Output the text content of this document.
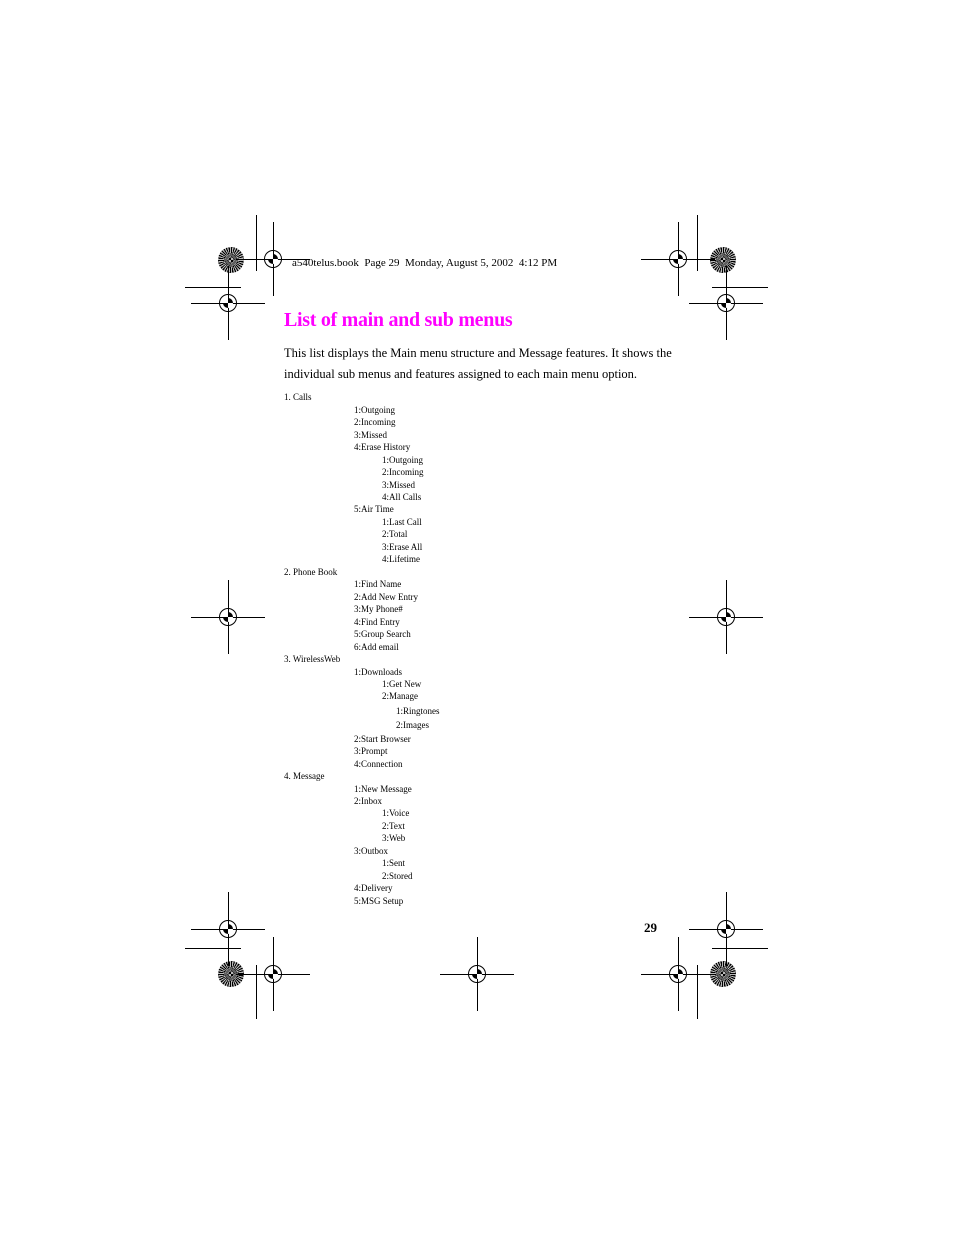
a540telus.book  Page 29  Monday, August 5, 2002  4:12 PM
List of main and sub menus
This list displays the Main menu structure and Message features. It shows the individual sub menus and features assigned to each main menu option.
1. Calls
1:Outgoing
2:Incoming
3:Missed
4:Erase History
1:Outgoing
2:Incoming
3:Missed
4:All Calls
5:Air Time
1:Last Call
2:Total
3:Erase All
4:Lifetime
2. Phone Book
1:Find Name
2:Add New Entry
3:My Phone#
4:Find Entry
5:Group Search
6:Add email
3. WirelessWeb
1:Downloads
1:Get New
2:Manage
1:Ringtones
2:Images
2:Start Browser
3:Prompt
4:Connection
4. Message
1:New Message
2:Inbox
1:Voice
2:Text
3:Web
3:Outbox
1:Sent
2:Stored
4:Delivery
5:MSG Setup
29
